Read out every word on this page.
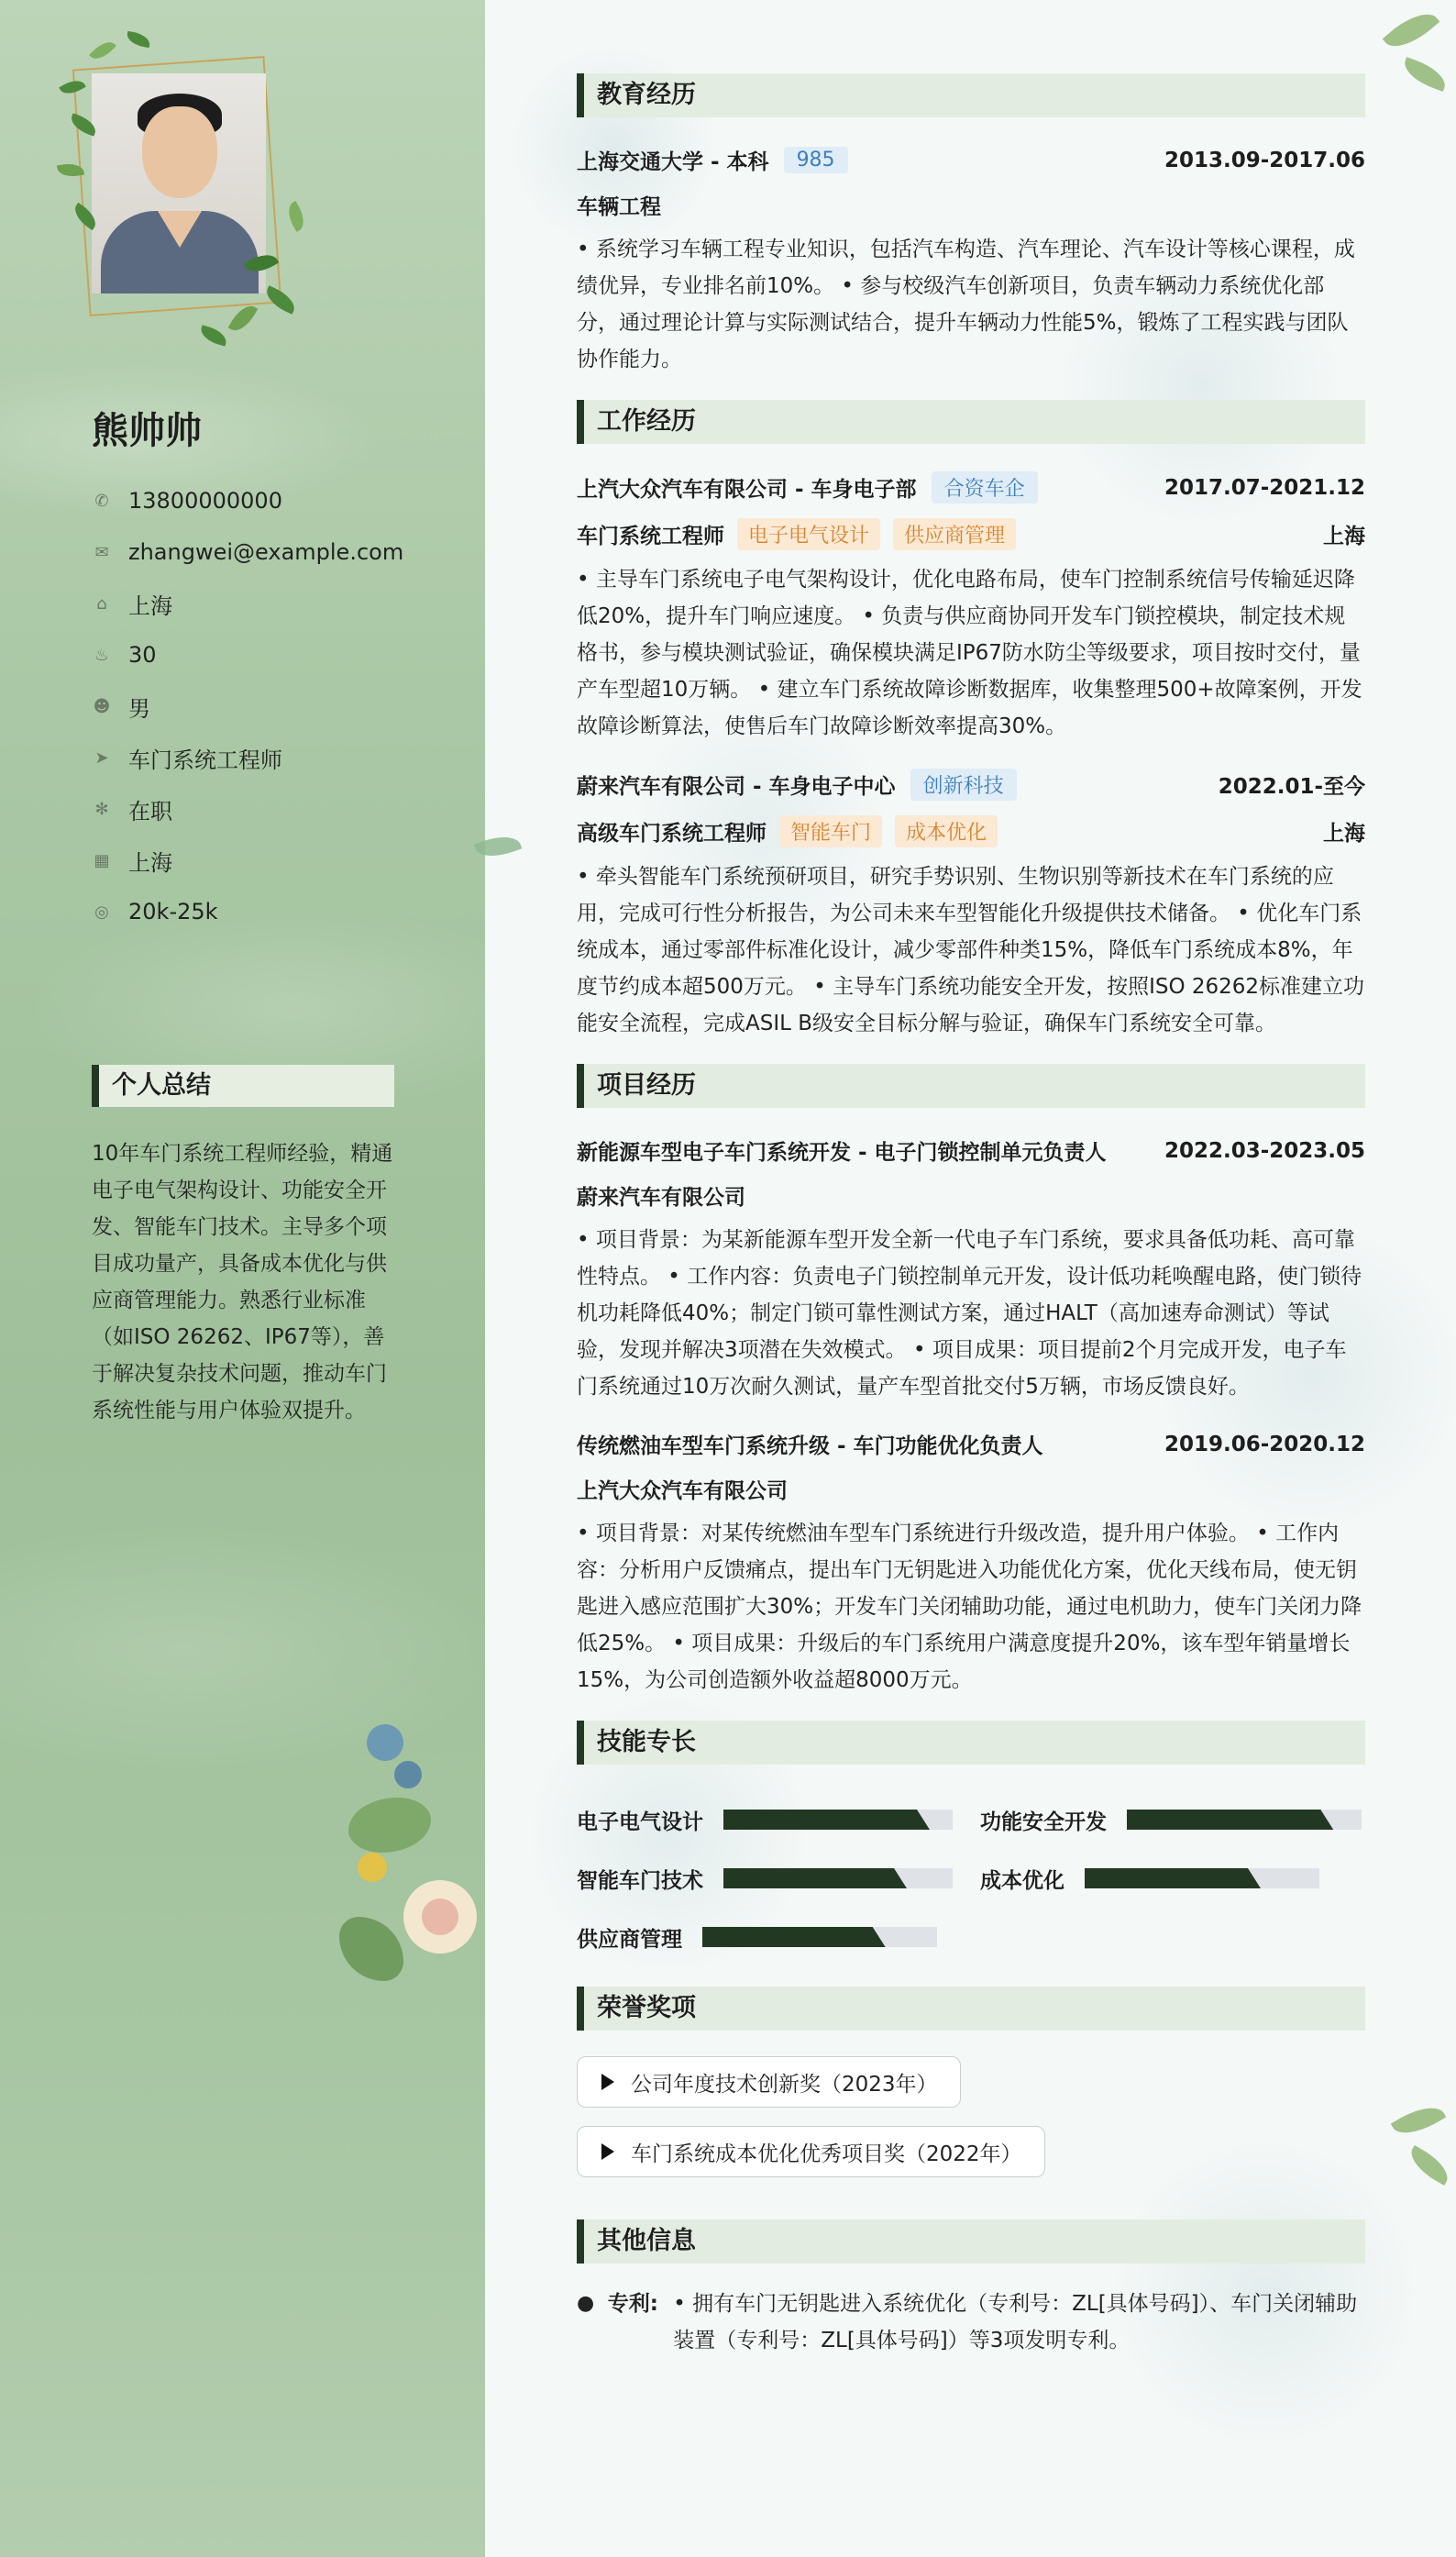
熊帅帅
✆ 13800000000
✉ zhangwei@example.com
⌂ 上海
♨ 30
☻ 男
➤ 车门系统工程师
✻ 在职
▦ 上海
◎ 20k-25k
个人总结
10年车门系统工程师经验，精通电子电气架构设计、功能安全开发、智能车门技术。主导多个项目成功量产，具备成本优化与供应商管理能力。熟悉行业标准（如ISO 26262、IP67等），善于解决复杂技术问题，推动车门系统性能与用户体验双提升。
教育经历
上海交通大学 - 本科	985	2013.09-2017.06
车辆工程
• 系统学习车辆工程专业知识，包括汽车构造、汽车理论、汽车设计等核心课程，成绩优异，专业排名前10%。 • 参与校级汽车创新项目，负责车辆动力系统优化部分，通过理论计算与实际测试结合，提升车辆动力性能5%，锻炼了工程实践与团队协作能力。
工作经历
上汽大众汽车有限公司 - 车身电子部	合资车企	2017.07-2021.12
车门系统工程师	电子电气设计	供应商管理	上海
• 主导车门系统电子电气架构设计，优化电路布局，使车门控制系统信号传输延迟降低20%，提升车门响应速度。 • 负责与供应商协同开发车门锁控模块，制定技术规格书，参与模块测试验证，确保模块满足IP67防水防尘等级要求，项目按时交付，量产车型超10万辆。 • 建立车门系统故障诊断数据库，收集整理500+故障案例，开发故障诊断算法，使售后车门故障诊断效率提高30%。
蔚来汽车有限公司 - 车身电子中心	创新科技	2022.01-至今
高级车门系统工程师	智能车门	成本优化	上海
• 牵头智能车门系统预研项目，研究手势识别、生物识别等新技术在车门系统的应用，完成可行性分析报告，为公司未来车型智能化升级提供技术储备。 • 优化车门系统成本，通过零部件标准化设计，减少零部件种类15%，降低车门系统成本8%，年度节约成本超500万元。 • 主导车门系统功能安全开发，按照ISO 26262标准建立功能安全流程，完成ASIL B级安全目标分解与验证，确保车门系统安全可靠。
项目经历
新能源车型电子车门系统开发 - 电子门锁控制单元负责人	2022.03-2023.05
蔚来汽车有限公司
• 项目背景：为某新能源车型开发全新一代电子车门系统，要求具备低功耗、高可靠性特点。 • 工作内容：负责电子门锁控制单元开发，设计低功耗唤醒电路，使门锁待机功耗降低40%；制定门锁可靠性测试方案，通过HALT（高加速寿命测试）等试验，发现并解决3项潜在失效模式。 • 项目成果：项目提前2个月完成开发，电子车门系统通过10万次耐久测试，量产车型首批交付5万辆，市场反馈良好。
传统燃油车型车门系统升级 - 车门功能优化负责人	2019.06-2020.12
上汽大众汽车有限公司
• 项目背景：对某传统燃油车型车门系统进行升级改造，提升用户体验。 • 工作内容：分析用户反馈痛点，提出车门无钥匙进入功能优化方案，优化天线布局，使无钥匙进入感应范围扩大30%；开发车门关闭辅助功能，通过电机助力，使车门关闭力降低25%。 • 项目成果：升级后的车门系统用户满意度提升20%，该车型年销量增长15%，为公司创造额外收益超8000万元。
技能专长
电子电气设计	功能安全开发
智能车门技术	成本优化
供应商管理
荣誉奖项
公司年度技术创新奖（2023年）
车门系统成本优化优秀项目奖（2022年）
其他信息
● 专利: • 拥有车门无钥匙进入系统优化（专利号：ZL[具体号码]）、车门关闭辅助装置（专利号：ZL[具体号码]）等3项发明专利。
